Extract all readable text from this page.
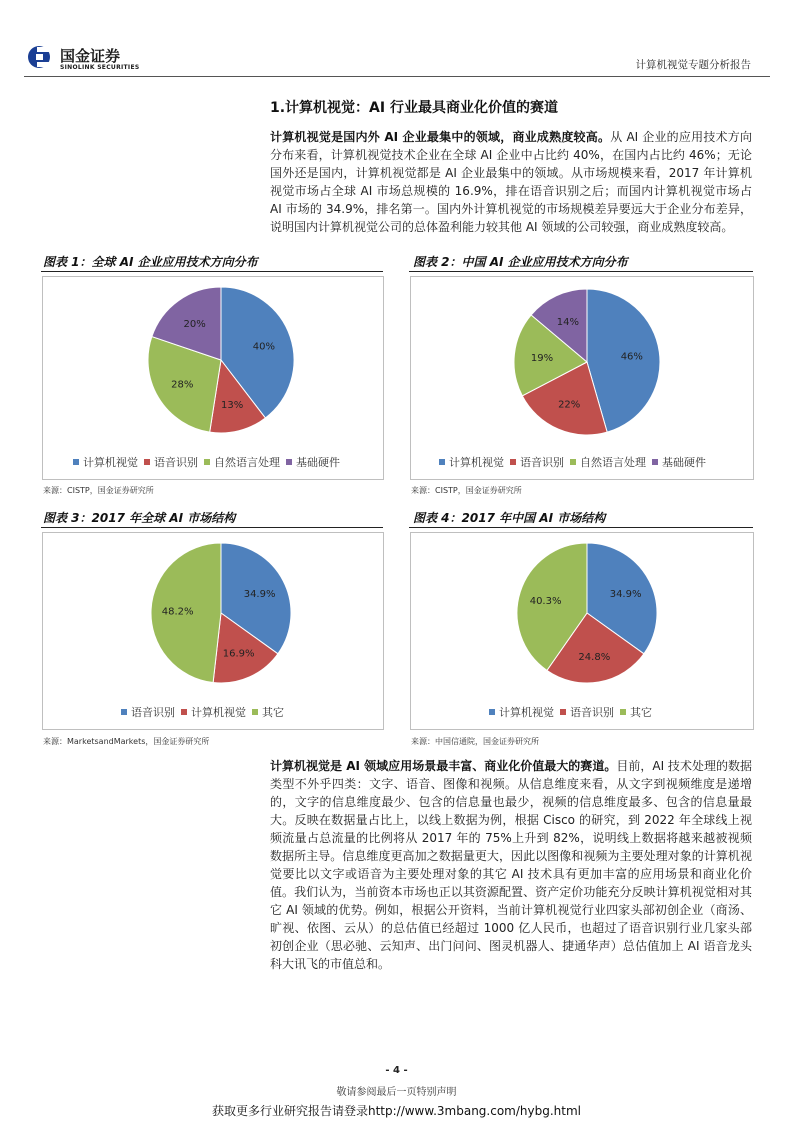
国金证券
SINOLINK SECURITIES	计算机视觉专题分析报告
1.计算机视觉：AI 行业最具商业化价值的赛道
计算机视觉是国内外 AI 企业最集中的领域，商业成熟度较高。从 AI 企业的应用技术方向分布来看，计算机视觉技术企业在全球 AI 企业中占比约 40%，在国内占比约 46%；无论国外还是国内，计算机视觉都是 AI 企业最集中的领域。从市场规模来看，2017 年计算机视觉市场占全球 AI 市场总规模的 16.9%，排在语音识别之后；而国内计算机视觉市场占 AI 市场的 34.9%，排名第一。国内外计算机视觉的市场规模差异要远大于企业分布差异，说明国内计算机视觉公司的总体盈利能力较其他 AI 领域的公司较强，商业成熟度较高。
图表 1：全球 AI 企业应用技术方向分布
40%
13%
28%
20%
计算机视觉 语音识别 自然语言处理 基础硬件
来源：CISTP，国金证券研究所
图表 2：中国 AI 企业应用技术方向分布
46%
22%
19%
14%
计算机视觉 语音识别 自然语言处理 基础硬件
来源：CISTP，国金证券研究所
图表 3：2017 年全球 AI 市场结构
34.9%
16.9%
48.2%
语音识别 计算机视觉 其它
来源：MarketsandMarkets，国金证券研究所
图表 4：2017 年中国 AI 市场结构
34.9%
24.8%
40.3%
计算机视觉 语音识别 其它
来源：中国信通院，国金证券研究所
计算机视觉是 AI 领域应用场景最丰富、商业化价值最大的赛道。目前，AI 技术处理的数据类型不外乎四类：文字、语音、图像和视频。从信息维度来看，从文字到视频维度是递增的，文字的信息维度最少、包含的信息量也最少，视频的信息维度最多、包含的信息量最大。反映在数据量占比上，以线上数据为例，根据 Cisco 的研究，到 2022 年全球线上视频流量占总流量的比例将从 2017 年的 75%上升到 82%，说明线上数据将越来越被视频数据所主导。信息维度更高加之数据量更大，因此以图像和视频为主要处理对象的计算机视觉要比以文字或语音为主要处理对象的其它 AI 技术具有更加丰富的应用场景和商业化价值。我们认为，当前资本市场也正以其资源配置、资产定价功能充分反映计算机视觉相对其它 AI 领域的优势。例如，根据公开资料，当前计算机视觉行业四家头部初创企业（商汤、旷视、依图、云从）的总估值已经超过 1000 亿人民币，也超过了语音识别行业几家头部初创企业（思必驰、云知声、出门问问、图灵机器人、捷通华声）总估值加上 AI 语音龙头科大讯飞的市值总和。
- 4 -
敬请参阅最后一页特别声明
获取更多行业研究报告请登录http://www.3mbang.com/hybg.html
